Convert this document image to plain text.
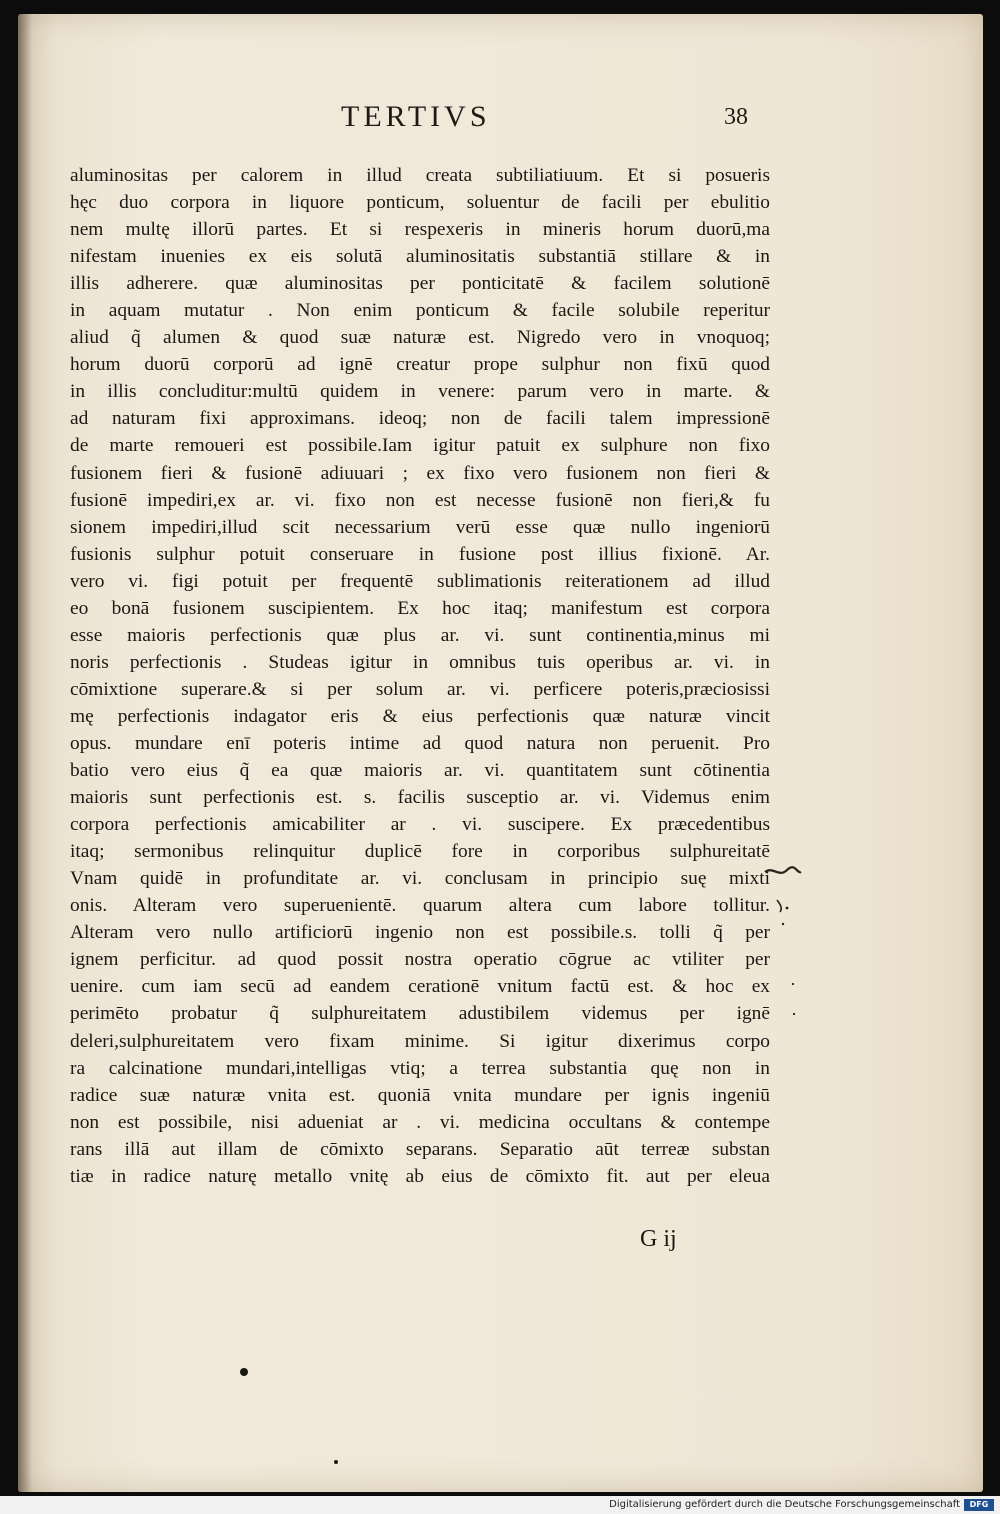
TERTIVS	38
aluminositas per calorem in illud creata subtiliatiuum. Et si posueris
hęc duo corpora in liquore ponticum, soluentur de facili per ebulitio
nem multę illorū partes. Et si respexeris in mineris horum duorū,ma
nifestam inuenies ex eis solutā aluminositatis substantiā stillare & in
illis adherere. quæ aluminositas per ponticitatē & facilem solutionē
in aquam mutatur . Non enim ponticum & facile solubile reperitur
aliud q̃ alumen & quod suæ naturæ est. Nigredo vero in vnoquoq;
horum duorū corporū ad ignē creatur prope sulphur non fixū quod
in illis concluditur:multū quidem in venere: parum vero in marte. &
ad naturam fixi approximans. ideoq; non de facili talem impressionē
de marte remoueri est possibile.Iam igitur patuit ex sulphure non fixo
fusionem fieri & fusionē adiuuari ; ex fixo vero fusionem non fieri &
fusionē impediri,ex ar. vi. fixo non est necesse fusionē non fieri,& fu
sionem impediri,illud scit necessarium verū esse quæ nullo ingeniorū
fusionis sulphur potuit conseruare in fusione post illius fixionē. Ar.
vero vi. figi potuit per frequentē sublimationis reiterationem ad illud
eo bonā fusionem suscipientem. Ex hoc itaq; manifestum est corpora
esse maioris perfectionis quæ plus ar. vi. sunt continentia,minus mi
noris perfectionis . Studeas igitur in omnibus tuis operibus ar. vi. in
cōmixtione superare.& si per solum ar. vi. perficere poteris,præciosissi
mę perfectionis indagator eris & eius perfectionis quæ naturæ vincit
opus. mundare enī poteris intime ad quod natura non peruenit. Pro
batio vero eius q̃ ea quæ maioris ar. vi. quantitatem sunt cōtinentia
maioris sunt perfectionis est. s. facilis susceptio ar. vi. Videmus enim
corpora perfectionis amicabiliter ar . vi. suscipere. Ex præcedentibus
itaq; sermonibus relinquitur duplicē fore in corporibus sulphureitatē
Vnam quidē in profunditate ar. vi. conclusam in principio suę mixti
onis. Alteram vero superuenientē. quarum altera cum labore tollitur.
Alteram vero nullo artificiorū ingenio non est possibile.s. tolli q̃ per
ignem perficitur. ad quod possit nostra operatio cōgrue ac vtiliter per
uenire. cum iam secū ad eandem cerationē vnitum factū est. & hoc ex
perimēto probatur q̃ sulphureitatem adustibilem videmus per ignē
deleri,sulphureitatem vero fixam minime. Si igitur dixerimus corpo
ra calcinatione mundari,intelligas vtiq; a terrea substantia quę non in
radice suæ naturæ vnita est. quoniā vnita mundare per ignis ingeniū
non est possibile, nisi adueniat ar . vi. medicina occultans & contempe
rans illā aut illam de cōmixto separans. Separatio aūt terreæ substan
tiæ in radice naturę metallo vnitę ab eius de cōmixto fit. aut per eleua
G ij
Digitalisierung gefördert durch die Deutsche Forschungsgemeinschaft	DFG
